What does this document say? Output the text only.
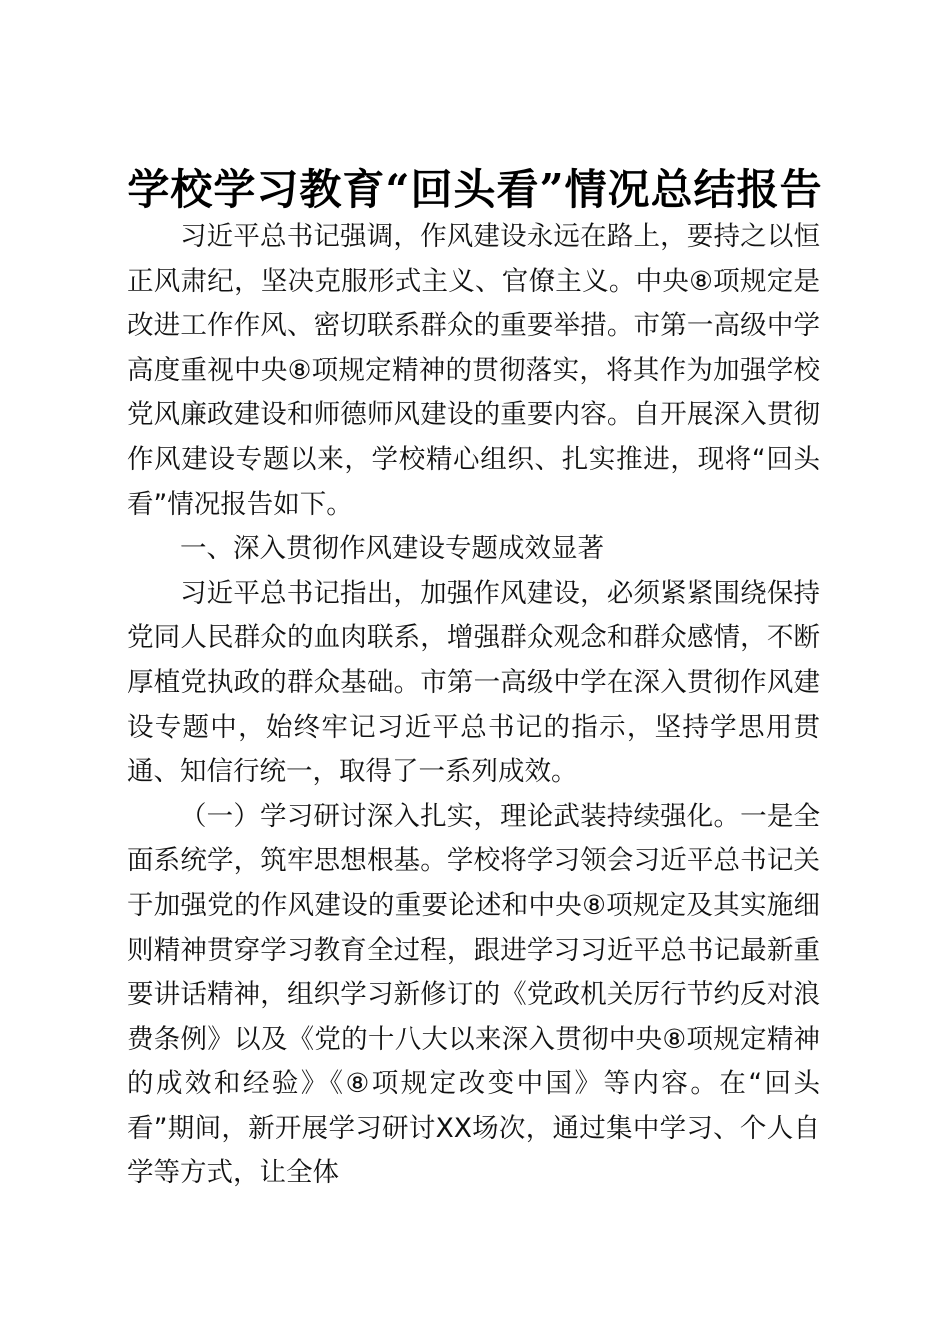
学校学习教育“回头看”情况总结报告

习近平总书记强调，作风建设永远在路上，要持之以恒正风肃纪，坚决克服形式主义、官僚主义。中央⑧项规定是改进工作作风、密切联系群众的重要举措。市第一高级中学高度重视中央⑧项规定精神的贯彻落实，将其作为加强学校党风廉政建设和师德师风建设的重要内容。自开展深入贯彻作风建设专题以来，学校精心组织、扎实推进，现将“回头看”情况报告如下。

一、深入贯彻作风建设专题成效显著

习近平总书记指出，加强作风建设，必须紧紧围绕保持党同人民群众的血肉联系，增强群众观念和群众感情，不断厚植党执政的群众基础。市第一高级中学在深入贯彻作风建设专题中，始终牢记习近平总书记的指示，坚持学思用贯通、知信行统一，取得了一系列成效。

（一）学习研讨深入扎实，理论武装持续强化。一是全面系统学，筑牢思想根基。学校将学习领会习近平总书记关于加强党的作风建设的重要论述和中央⑧项规定及其实施细则精神贯穿学习教育全过程，跟进学习习近平总书记最新重要讲话精神，组织学习新修订的《党政机关厉行节约反对浪费条例》以及《党的十八大以来深入贯彻中央⑧项规定精神的成效和经验》《⑧项规定改变中国》等内容。在“回头看”期间，新开展学习研讨XX场次，通过集中学习、个人自学等方式，让全体
